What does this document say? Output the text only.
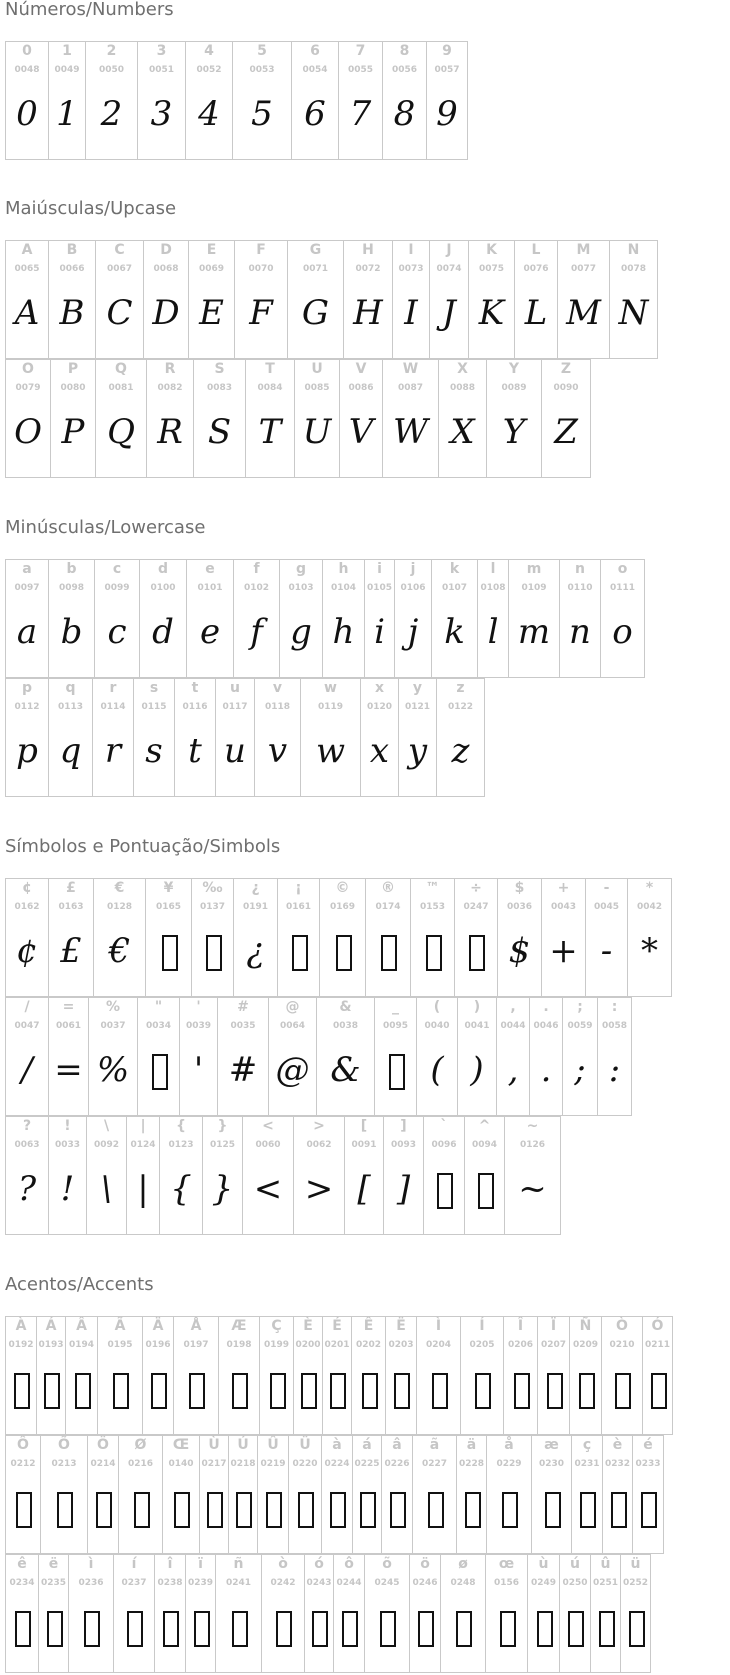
Números/Numbers
0
0048
0
1
0049
1
2
0050
2
3
0051
3
4
0052
4
5
0053
5
6
0054
6
7
0055
7
8
0056
8
9
0057
9
Maiúsculas/Upcase
A
0065
A
B
0066
B
C
0067
C
D
0068
D
E
0069
E
F
0070
F
G
0071
G
H
0072
H
I
0073
I
J
0074
J
K
0075
K
L
0076
L
M
0077
M
N
0078
N
O
0079
O
P
0080
P
Q
0081
Q
R
0082
R
S
0083
S
T
0084
T
U
0085
U
V
0086
V
W
0087
W
X
0088
X
Y
0089
Y
Z
0090
Z
Minúsculas/Lowercase
a
0097
a
b
0098
b
c
0099
c
d
0100
d
e
0101
e
f
0102
f
g
0103
g
h
0104
h
i
0105
i
j
0106
j
k
0107
k
l
0108
l
m
0109
m
n
0110
n
o
0111
o
p
0112
p
q
0113
q
r
0114
r
s
0115
s
t
0116
t
u
0117
u
v
0118
v
w
0119
w
x
0120
x
y
0121
y
z
0122
z
Símbolos e Pontuação/Simbols
¢
0162
¢
£
0163
£
€
0128
€
¥
0165
‰
0137
¿
0191
¿
¡
0161
©
0169
®
0174
™
0153
÷
0247
$
0036
$
+
0043
+
-
0045
-
*
0042
*
/
0047
/
=
0061
=
%
0037
%
"
0034
'
0039
'
#
0035
#
@
0064
@
&
0038
&
_
0095
(
0040
(
)
0041
)
,
0044
,
.
0046
.
;
0059
;
:
0058
:
?
0063
?
!
0033
!
\
0092
\
|
0124
|
{
0123
{
}
0125
}
<
0060
<
>
0062
>
[
0091
[
]
0093
]
`
0096
^
0094
~
0126
~
Acentos/Accents
À
0192
Á
0193
Â
0194
Ã
0195
Ä
0196
Å
0197
Æ
0198
Ç
0199
È
0200
É
0201
Ê
0202
Ë
0203
Ì
0204
Í
0205
Î
0206
Ï
0207
Ñ
0209
Ò
0210
Ó
0211
Ô
0212
Õ
0213
Ö
0214
Ø
0216
Œ
0140
Ù
0217
Ú
0218
Û
0219
Ü
0220
à
0224
á
0225
â
0226
ã
0227
ä
0228
å
0229
æ
0230
ç
0231
è
0232
é
0233
ê
0234
ë
0235
ì
0236
í
0237
î
0238
ï
0239
ñ
0241
ò
0242
ó
0243
ô
0244
õ
0245
ö
0246
ø
0248
œ
0156
ù
0249
ú
0250
û
0251
ü
0252
